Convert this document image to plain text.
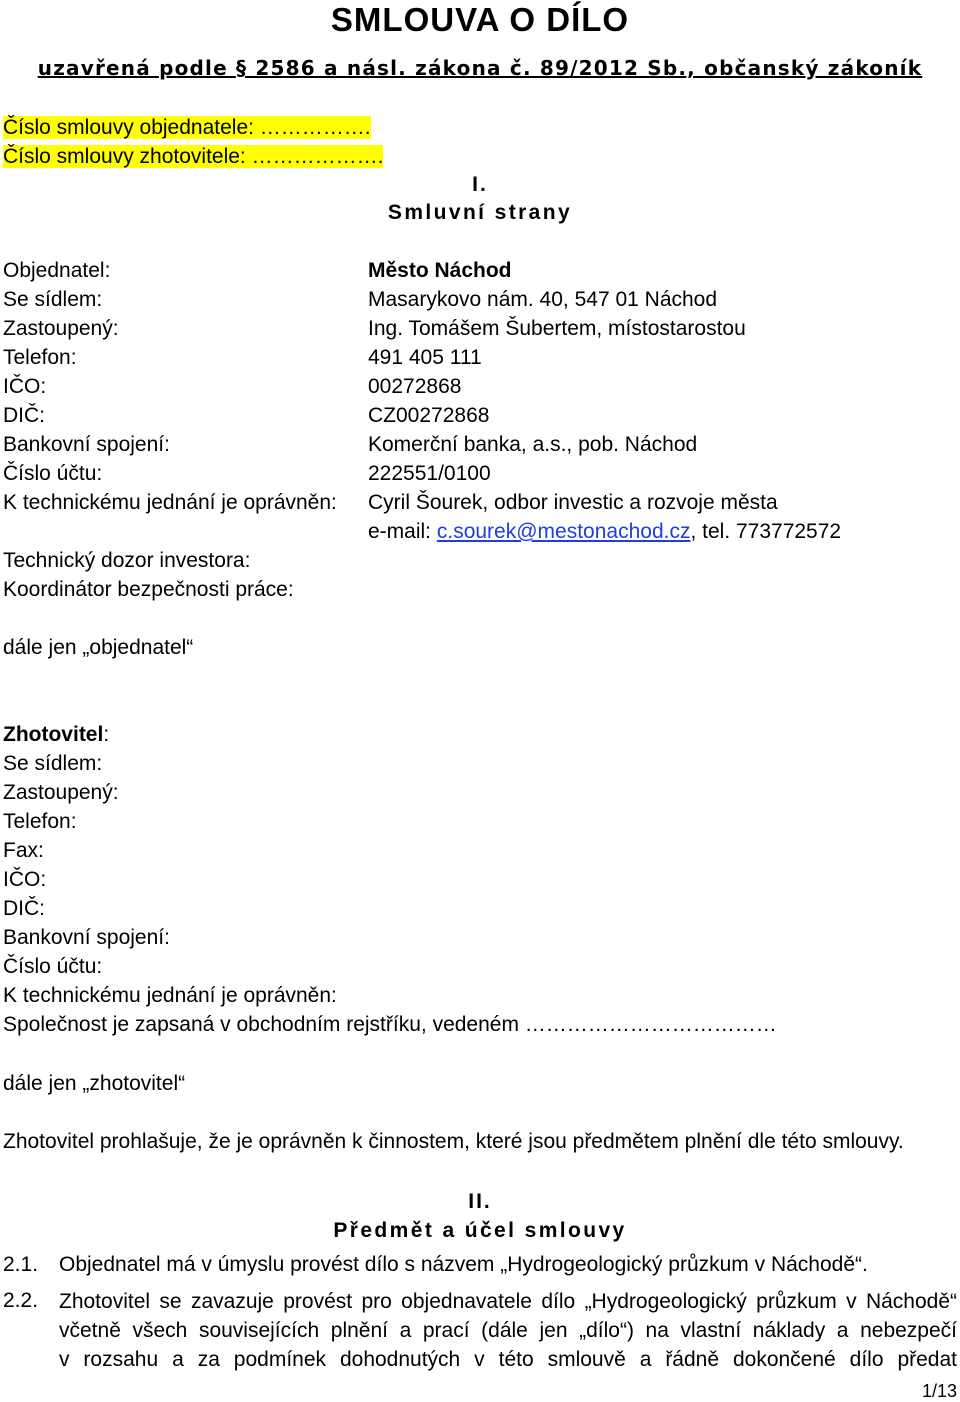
SMLOUVA O DÍLO
uzavřená podle § 2586 a násl. zákona č. 89/2012 Sb., občanský zákoník
Číslo smlouvy objednatele: …………….
Číslo smlouvy zhotovitele: ……………….
I.
Smluvní strany
Objednatel:	Město Náchod
Se sídlem:	Masarykovo nám. 40, 547 01 Náchod
Zastoupený:	Ing. Tomášem Šubertem, místostarostou
Telefon:	491 405 111
IČO:	00272868
DIČ:	CZ00272868
Bankovní spojení:	Komerční banka, a.s., pob. Náchod
Číslo účtu:	222551/0100
K technickému jednání je oprávněn: Cyril Šourek, odbor investic a rozvoje města
e-mail: c.sourek@mestonachod.cz, tel. 773772572
Technický dozor investora:
Koordinátor bezpečnosti práce:
dále jen „objednatel“
Zhotovitel:
Se sídlem:
Zastoupený:
Telefon:
Fax:
IČO:
DIČ:
Bankovní spojení:
Číslo účtu:
K technickému jednání je oprávněn:
Společnost je zapsaná v obchodním rejstříku, vedeném ………………………………
dále jen „zhotovitel“
Zhotovitel prohlašuje, že je oprávněn k činnostem, které jsou předmětem plnění dle této smlouvy.
II.
Předmět a účel smlouvy
2.1. Objednatel má v úmyslu provést dílo s názvem „Hydrogeologický průzkum v Náchodě“.
2.2. Zhotovitel se zavazuje provést pro objednavatele dílo „Hydrogeologický průzkum v Náchodě“
včetně všech souvisejících plnění a prací (dále jen „dílo“) na vlastní náklady a nebezpečí
v rozsahu a za podmínek dohodnutých v této smlouvě a řádně dokončené dílo předat
1/13
